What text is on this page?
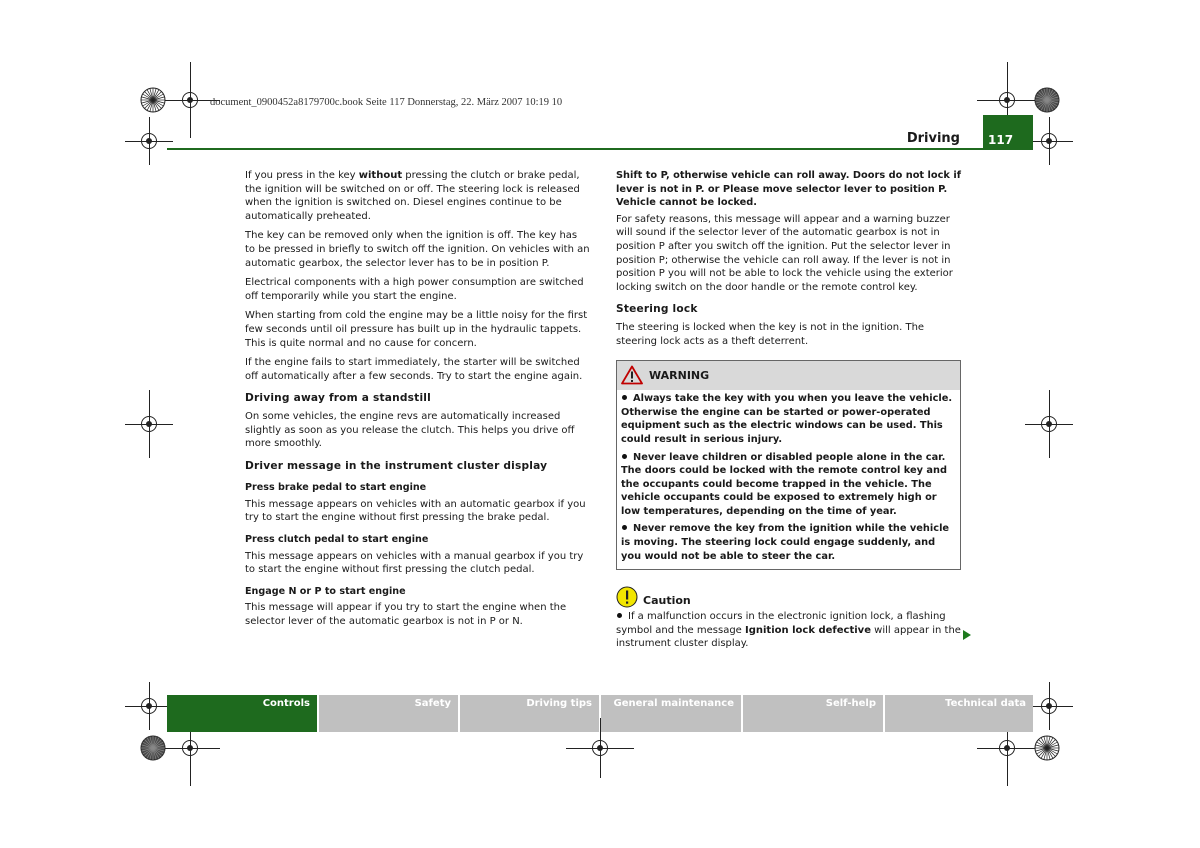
document_0900452a8179700c.book Seite 117 Donnerstag, 22. März 2007 10:19 10
Driving	117

If you press in the key without pressing the clutch or brake pedal, the ignition will be switched on or off. The steering lock is released when the ignition is switched on. Diesel engines continue to be automatically preheated.

The key can be removed only when the ignition is off. The key has to be pressed in briefly to switch off the ignition. On vehicles with an automatic gearbox, the selector lever has to be in position P.

Electrical components with a high power consumption are switched off temporarily while you start the engine.

When starting from cold the engine may be a little noisy for the first few seconds until oil pressure has built up in the hydraulic tappets. This is quite normal and no cause for concern.

If the engine fails to start immediately, the starter will be switched off automatically after a few seconds. Try to start the engine again.

Driving away from a standstill

On some vehicles, the engine revs are automatically increased slightly as soon as you release the clutch. This helps you drive off more smoothly.

Driver message in the instrument cluster display
Press brake pedal to start engine

This message appears on vehicles with an automatic gearbox if you try to start the engine without first pressing the brake pedal.

Press clutch pedal to start engine

This message appears on vehicles with a manual gearbox if you try to start the engine without first pressing the clutch pedal.

Engage N or P to start engine

This message will appear if you try to start the engine when the selector lever of the automatic gearbox is not in P or N.

Shift to P, otherwise vehicle can roll away. Doors do not lock if lever is not in P. or Please move selector lever to position P. Vehicle cannot be locked.

For safety reasons, this message will appear and a warning buzzer will sound if the selector lever of the automatic gearbox is not in position P after you switch off the ignition. Put the selector lever in position P; otherwise the vehicle can roll away. If the lever is not in position P you will not be able to lock the vehicle using the exterior locking switch on the door handle or the remote control key.

Steering lock

The steering is locked when the key is not in the ignition. The steering lock acts as a theft deterrent.

WARNING

Always take the key with you when you leave the vehicle. Otherwise the engine can be started or power-operated equipment such as the electric windows can be used. This could result in serious injury.

Never leave children or disabled people alone in the car. The doors could be locked with the remote control key and the occupants could become trapped in the vehicle. The vehicle occupants could be exposed to extremely high or low temperatures, depending on the time of year.

Never remove the key from the ignition while the vehicle is moving. The steering lock could engage suddenly, and you would not be able to steer the car.

Caution
If a malfunction occurs in the electronic ignition lock, a flashing symbol and the message Ignition lock defective will appear in the instrument cluster display.
Controls	Safety	Driving tips	General maintenance	Self-help	Technical data
